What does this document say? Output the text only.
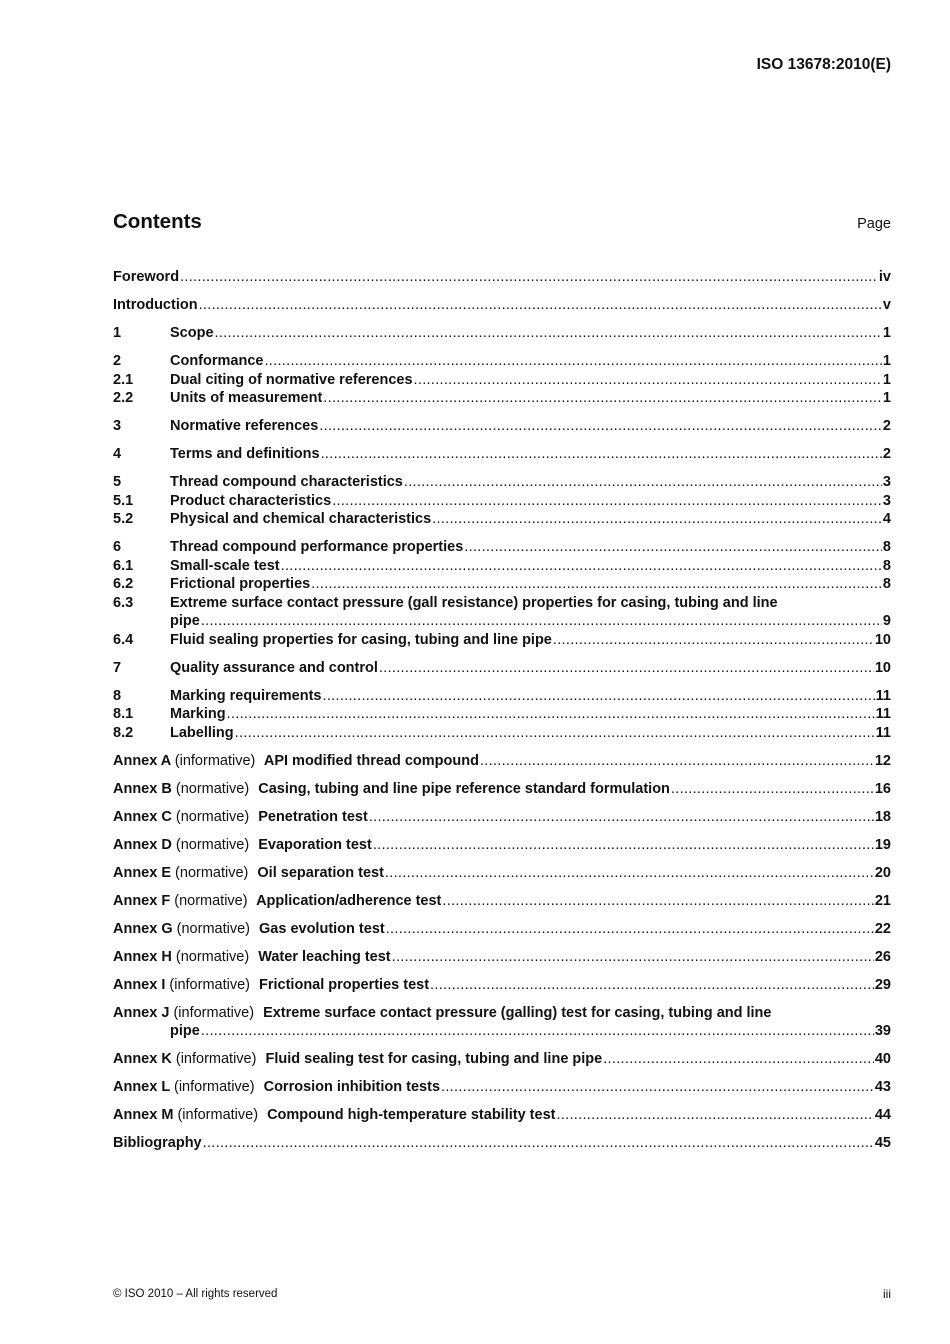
ISO 13678:2010(E)
Contents	Page
Foreword .....	iv
Introduction .....	v
1	Scope .....	1
2	Conformance .....	1
2.1	Dual citing of normative references .....	1
2.2	Units of measurement .....	1
3	Normative references .....	2
4	Terms and definitions .....	2
5	Thread compound characteristics .....	3
5.1	Product characteristics .....	3
5.2	Physical and chemical characteristics .....	4
6	Thread compound performance properties .....	8
6.1	Small-scale test .....	8
6.2	Frictional properties .....	8
6.3	Extreme surface contact pressure (gall resistance) properties for casing, tubing and line
pipe .....	9
6.4	Fluid sealing properties for casing, tubing and line pipe .....	10
7	Quality assurance and control .....	10
8	Marking requirements .....	11
8.1	Marking .....	11
8.2	Labelling .....	11
Annex A (informative) API modified thread compound .....	12
Annex B (normative) Casing, tubing and line pipe reference standard formulation .....	16
Annex C (normative) Penetration test .....	18
Annex D (normative) Evaporation test .....	19
Annex E (normative) Oil separation test .....	20
Annex F (normative) Application/adherence test .....	21
Annex G (normative) Gas evolution test .....	22
Annex H (normative) Water leaching test .....	26
Annex I (informative) Frictional properties test .....	29
Annex J (informative) Extreme surface contact pressure (galling) test for casing, tubing and line
pipe .....	39
Annex K (informative) Fluid sealing test for casing, tubing and line pipe .....	40
Annex L (informative) Corrosion inhibition tests .....	43
Annex M (informative) Compound high-temperature stability test .....	44
Bibliography .....	45
© ISO 2010 – All rights reserved	iii
